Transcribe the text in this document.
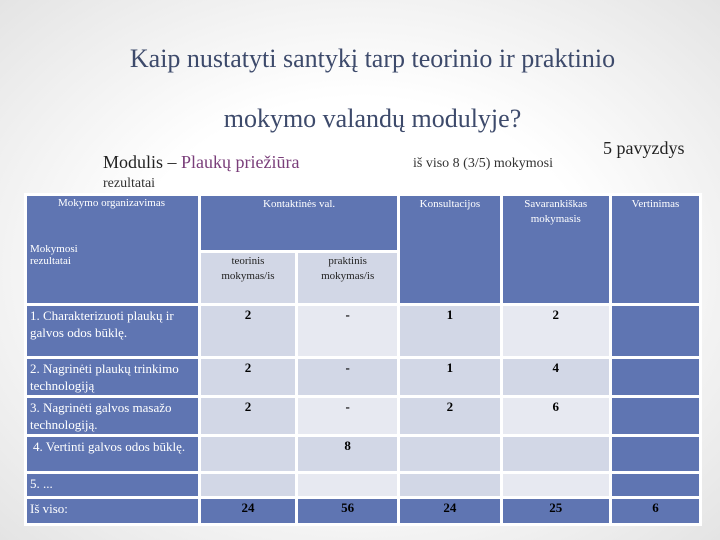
Kaip nustatyti santykį tarp teorinio ir praktinio
mokymo valandų modulyje?
5 pavyzdys
Modulis – Plaukų priežiūra	iš viso 8 (3/5) mokymosi
rezultatai
Mokymo organizavimas
Mokymosi rezultatai	Kontaktinės val.		Konsultacijos	Savarankiškas mokymasis	Vertinimas
	teorinis mokymas/is	praktinis mokymas/is			
1. Charakterizuoti plaukų ir galvos odos būklę.	2	-	1	2	
2. Nagrinėti plaukų trinkimo technologiją	2	-	1	4	
3. Nagrinėti galvos masažo technologiją.	2	-	2	6	
4. Vertinti galvos odos būklę.		8			
5. ...					
Iš viso:	24	56	24	25	6
